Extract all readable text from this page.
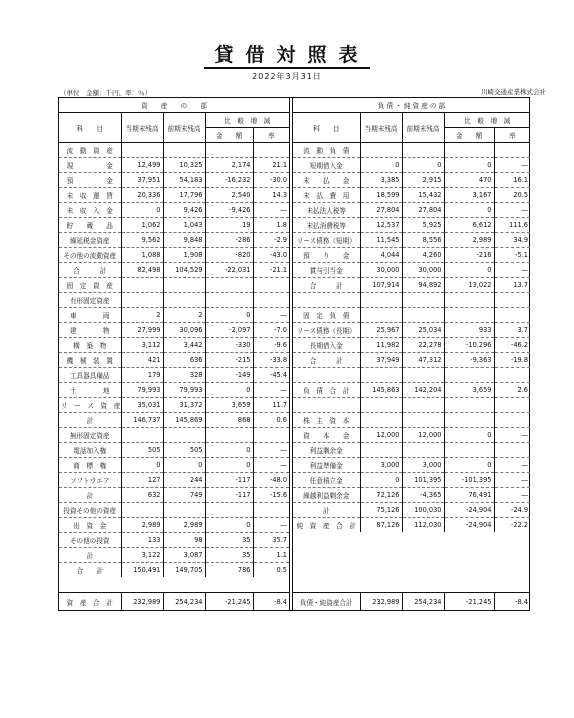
貸借対照表
2022年3月31日
（単位　金額：千円、率：％）	川崎交通産業株式会社
資　　産　　の　　部				
科　　目	当期末残高	前期末残高	比　較　増　減	
			金　　額	率
流　動　資　産				
現　　　　　金	12,499	10,325	2,174	21.1
預　　　　　金	37,951	54,183	-16,232	-30.0
未　収　運　賃	20,336	17,796	2,540	14.3
未　収　入　金	0	9,426	-9,426	―
貯　　蔵　　品	1,062	1,043	19	1.8
繰延税金資産	9,562	9,848	-286	-2.9
その他の流動資産	1,088	1,908	-820	-43.0
合　　　計	82,498	104,529	-22,031	-21.1
固　定　資　産				
有形固定資産				
車　　　　両	2	2	0	―
建　　　　物	27,999	30,096	-2,097	-7.0
構　築　物	3,112	3,442	-330	-9.6
機　械　装　置	421	636	-215	-33.8
工具器具備品	179	328	-149	-45.4
土　　　　地	79,993	79,993	0	―
リ　ー　ス　資　産	35,031	31,372	3,659	11.7
計	146,737	145,869	868	0.6
無形固定資産				
電話加入権	505	505	0	―
商　標　権	0	0	0	―
ソフトウエア	127	244	-117	-48.0
計	632	749	-117	-15.6
投資その他の資産				
出　資　金	2,989	2,989	0	―
その他の投資	133	98	35	35.7
計	3,122	3,087	35	1.1
合　　計	150,491	149,705	786	0.5
資　産　合　計	232,989	254,234	-21,245	-8.4
負 債 ・ 純 資 産 の 部				
科　　目	当期末残高	前期末残高	比　較　増　減	
			金　　額	率
流　動　負　債				
短期借入金	0	0	0	―
未　　払　　金	3,385	2,915	470	16.1
未　払　費　用	18,599	15,432	3,167	20.5
未払法人税等	27,804	27,804	0	―
未払消費税等	12,537	5,925	6,612	111.6
リース債務（短期）	11,545	8,556	2,989	34.9
預　　り　　金	4,044	4,260	-216	-5.1
賞与引当金	30,000	30,000	0	―
合　　　計	107,914	94,892	13,022	13.7

固　定　負　債				
リース債務（長期）	25,967	25,034	933	3.7
長期借入金	11,982	22,278	-10,296	-46.2
合　　　計	37,949	47,312	-9,363	-19.8

負　債　合　計	145,863	142,204	3,659	2.6

株　主　資　本				
資　　本　　金	12,000	12,000	0	―
利益剰余金				
利益準備金	3,000	3,000	0	―
任意積立金	0	101,395	-101,395	―
繰越利益剰余金	72,126	-4,365	76,491	―
計	75,126	100,030	-24,904	-24.9
純　資　産　合　計	87,126	112,030	-24,904	-22.2
負債・純資産合計	232,989	254,234	-21,245	-8.4
